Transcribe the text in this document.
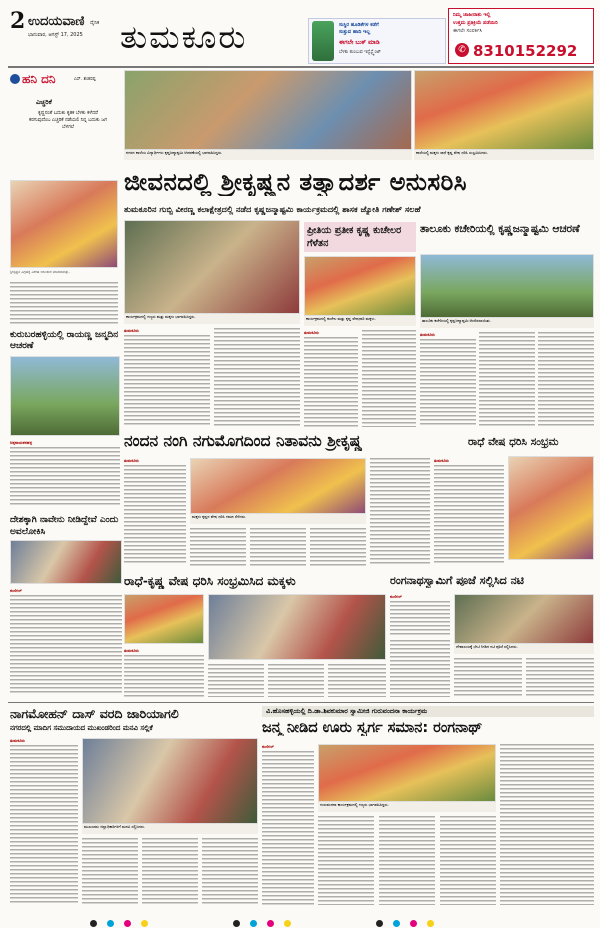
2 ಉದಯವಾಣಿ ದೈನಿಕ
ಭಾನುವಾರ, ಆಗಸ್ಟ್ 17, 2025 ತುಮಕೂರು	ಸುಸ್ಥಿರ ಹೂಡಿಕೆಗಳ ಕಡೆಗೆ
ಸುತ್ತುವ ಹಾದಿ ಇಲ್ಲ
ಈಗಲೇ ಬುಕ್ ಮಾಡಿ
ಬೆಳಕು ತುಂಬುವ ಇನ್ವೆಸ್ಟ್ಮೆಂಟ್
ನಿಮ್ಮ ಜಾಹೀರಾತು ಇಲ್ಲಿ
ಉತ್ತಮ ಪ್ರತಿಕ್ರಿಯೆ ಪಡೆಯಿರಿ
ಈಗಲೇ ಸಂಪರ್ಕಿಸಿ
✆ 8310152292
ಹನಿ ದನಿ	ಎಸ್. ಶಂಕರಪ್ಪ
ಎಚ್ಚರಿಕೆ
ಕೃಷ್ಣನಂತೆ ಬದುಕು ಕೃತಕ ಬೆಳಕು ಕಳೆದರೆ ಕರಗುವುದೆಂಬ ಎಚ್ಚರಿಕೆ ನಡೆಯಲಿ ನಿನ್ನ ಬದುಕು ಜಗ ಬೆಳಗಲೆ
ಶ್ರೀಕೃಷ್ಣನ ವಿಗ್ರಹಕ್ಕೆ ವಿಶೇಷ ಅಲಂಕಾರ ಮಾಡಲಾಗಿತ್ತು.
ಕುರುಬರಹಳ್ಳಿಯಲ್ಲಿ ರಾಯಣ್ಣ ಜನ್ಮದಿನ ಆಚರಣೆ
ಚಿಕ್ಕನಾಯಕನಹಳ್ಳಿ
ದೇಶಕ್ಕಾಗಿ ನಾವೇನು ನೀಡಿದ್ದೇವೆ ಎಂದು ಅವಲೋಕಿಸಿ
ಕುಣಿಗಲ್
ನಗರದ ಶಾಲೆಯ ವಿದ್ಯಾರ್ಥಿಗಳು ಕೃಷ್ಣಜನ್ಮಾಷ್ಟಮಿ ಆಚರಣೆಯಲ್ಲಿ ಭಾಗವಹಿಸಿದ್ದರು.	ಶಾಲೆಯಲ್ಲಿ ಮಕ್ಕಳು ರಾಧೆ ಕೃಷ್ಣ ವೇಷ ಧರಿಸಿ ಸಂಭ್ರಮಿಸಿದರು.
ಜೀವನದಲ್ಲಿ ಶ್ರೀಕೃಷ್ಣನ ತತ್ವಾದರ್ಶ ಅನುಸರಿಸಿ
ತುಮಕೂರಿನ ಗುಬ್ಬಿ ವೀರಣ್ಣ ಕಲಾಕ್ಷೇತ್ರದಲ್ಲಿ ನಡೆದ ಕೃಷ್ಣಜನ್ಮಾಷ್ಟಮಿ ಕಾರ್ಯಕ್ರಮದಲ್ಲಿ ಶಾಸಕ ಜ್ಯೋತಿ ಗಣೇಶ್ ಸಲಹೆ
ಕಾರ್ಯಕ್ರಮದಲ್ಲಿ ಗಣ್ಯರು ಮತ್ತು ಮಕ್ಕಳು ಭಾಗವಹಿಸಿದ್ದರು.
ತುಮಕೂರು
ಪ್ರೀತಿಯ ಪ್ರತೀಕ ಕೃಷ್ಣ ಕುಚೇಲರ ಗೆಳೆತನ
ಕಾರ್ಯಕ್ರಮದಲ್ಲಿ ಕುಚೇಲ ಮತ್ತು ಕೃಷ್ಣ ವೇಷಧಾರಿ ಮಕ್ಕಳು.
ತುಮಕೂರು
ತಾಲೂಕು ಕಚೇರಿಯಲ್ಲಿ ಕೃಷ್ಣಜನ್ಮಾಷ್ಟಮಿ ಆಚರಣೆ
ತಾಲೂಕು ಕಚೇರಿಯಲ್ಲಿ ಕೃಷ್ಣಜನ್ಮಾಷ್ಟಮಿ ಆಚರಿಸಲಾಯಿತು.
ತುಮಕೂರು
ನಂದನ ನಂಗಿ ನಗುಮೊಗದಿಂದ ನಿತಾವನು ಶ್ರೀಕೃಷ್ಣ
ತುಮಕೂರು
ಮಕ್ಕಳು ಕೃಷ್ಣನ ವೇಷ ಧರಿಸಿ ಗಮನ ಸೆಳೆದರು.
ರಾಧೆ ವೇಷ ಧರಿಸಿ ಸಂಭ್ರಮ
ತುಮಕೂರು
ರಾಧೆ-ಕೃಷ್ಣ ವೇಷ ಧರಿಸಿ ಸಂಭ್ರಮಿಸಿದ ಮಕ್ಕಳು
ತುಮಕೂರು
ರಂಗನಾಥಸ್ವಾಮಿಗೆ ಪೂಜೆ ಸಲ್ಲಿಸಿದ ನಟಿ
ಕುಣಿಗಲ್
ದೇವಾಲಯಕ್ಕೆ ಭೇಟಿ ನೀಡಿದ ನಟಿ ಪೂಜೆ ಸಲ್ಲಿಸಿದರು.
ನಾಗಮೋಹನ್ ದಾಸ್ ವರದಿ ಜಾರಿಯಾಗಲಿ
ನಗರದಲ್ಲಿ ಮಾದಿಗ ಸಮುದಾಯದ ಮುಖಂಡರಿಂದ ಮನವಿ ಸಲ್ಲಿಕೆ
ತುಮಕೂರು
ಮುಖಂಡರು ಜಿಲ್ಲಾಧಿಕಾರಿಗಳಿಗೆ ಮನವಿ ಸಲ್ಲಿಸಿದರು.
ವಿ.ಹೊಸಹಳ್ಳಿಯಲ್ಲಿ ದಿ.ಡಾ.ಶಿವಕುಮಾರ ಸ್ವಾಮೀಜಿ ಗುರುವಂದನಾ ಕಾರ್ಯಕ್ರಮ
ಜನ್ಮ ನೀಡಿದ ಊರು ಸ್ವರ್ಗ ಸಮಾನ: ರಂಗನಾಥ್
ಕುಣಿಗಲ್
ಗುರುವಂದನಾ ಕಾರ್ಯಕ್ರಮದಲ್ಲಿ ಗಣ್ಯರು ಭಾಗವಹಿಸಿದ್ದರು.
